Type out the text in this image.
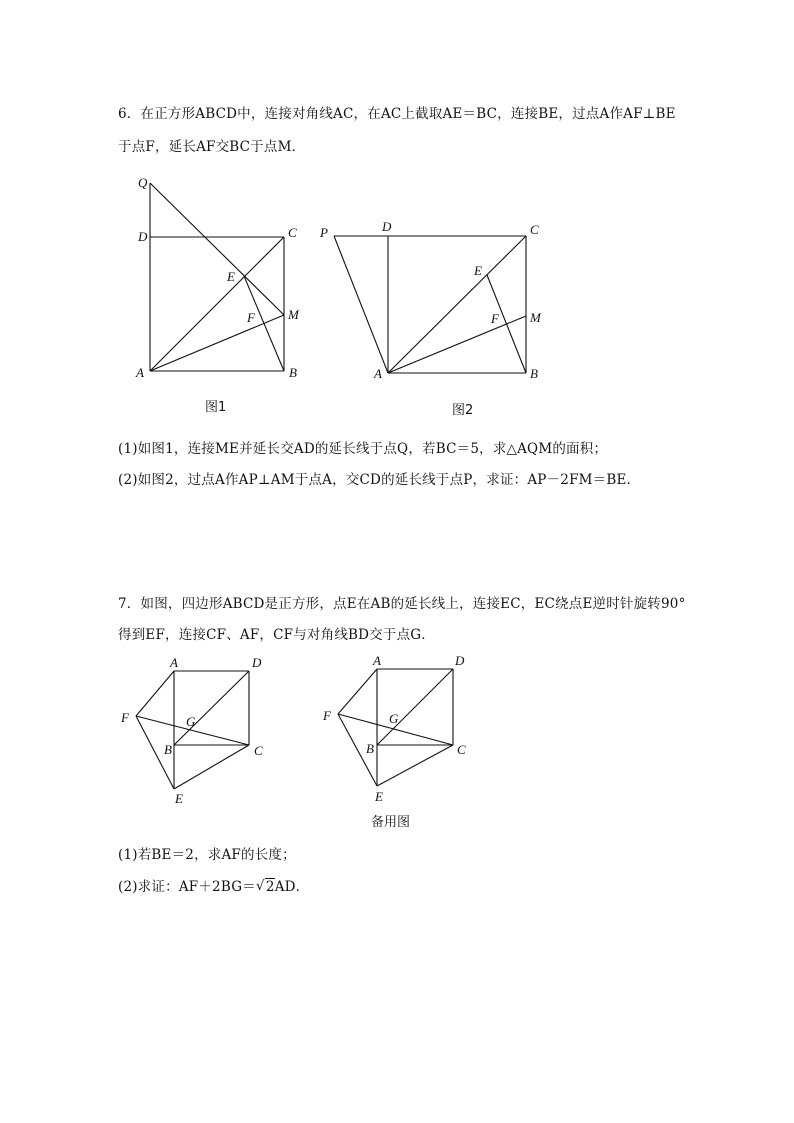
6．在正方形ABCD中，连接对角线AC，在AC上截取AE＝BC，连接BE，过点A作AF⊥BE
于点F，延长AF交BC于点M．
Q
D	C
E
M
F
A	B
图1
P	D	C
E
F M
A	B
图2
(1)如图1，连接ME并延长交AD的延长线于点Q，若BC＝5，求△AQM的面积；
(2)如图2，过点A作AP⊥AM于点A，交CD的延长线于点P，求证：AP－2FM＝BE．
7．如图，四边形ABCD是正方形，点E在AB的延长线上，连接EC，EC绕点E逆时针旋转90°
得到EF，连接CF、AF，CF与对角线BD交于点G．
A	D
F	G
B	C
E
A	D
F	G
B	C
E
备用图
(1)若BE＝2，求AF的长度；
(2)求证：AF＋2BG＝√ 2AD．
